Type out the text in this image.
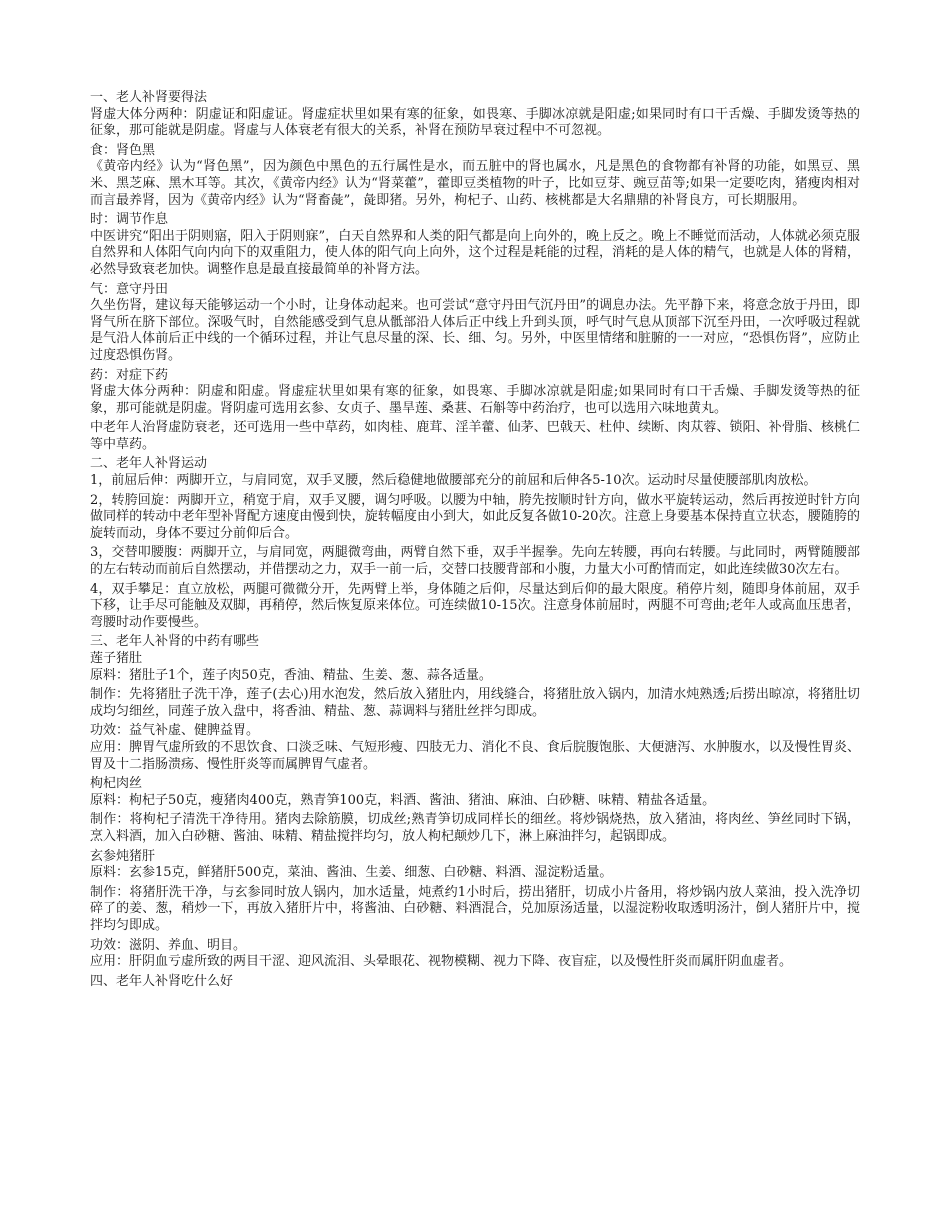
一、老人补肾要得法

肾虚大体分两种：阴虚证和阳虚证。肾虚症状里如果有寒的征象，如畏寒、手脚冰凉就是阳虚;如果同时有口干舌燥、手脚发烫等热的征象，那可能就是阴虚。肾虚与人体衰老有很大的关系，补肾在预防早衰过程中不可忽视。

食：肾色黑

《黄帝内经》认为“肾色黑”，因为颜色中黑色的五行属性是水，而五脏中的肾也属水，凡是黑色的食物都有补肾的功能，如黑豆、黑米、黑芝麻、黑木耳等。其次，《黄帝内经》认为“肾菜藿”，藿即豆类植物的叶子，比如豆芽、豌豆苗等;如果一定要吃肉，猪瘦肉相对而言最养肾，因为《黄帝内经》认为“肾畜彘”，彘即猪。另外，枸杞子、山药、核桃都是大名鼎鼎的补肾良方，可长期服用。

时：调节作息

中医讲究“阳出于阴则寤，阳入于阴则寐”，白天自然界和人类的阳气都是向上向外的，晚上反之。晚上不睡觉而活动，人体就必须克服自然界和人体阳气向内向下的双重阻力，使人体的阳气向上向外，这个过程是耗能的过程，消耗的是人体的精气，也就是人体的肾精，必然导致衰老加快。调整作息是最直接最简单的补肾方法。

气：意守丹田

久坐伤肾，建议每天能够运动一个小时，让身体动起来。也可尝试“意守丹田气沉丹田”的调息办法。先平静下来，将意念放于丹田，即肾气所在脐下部位。深吸气时，自然能感受到气息从骶部沿人体后正中线上升到头顶，呼气时气息从顶部下沉至丹田，一次呼吸过程就是气沿人体前后正中线的一个循环过程，并让气息尽量的深、长、细、匀。另外，中医里情绪和脏腑的一一对应，“恐惧伤肾”，应防止过度恐惧伤肾。

药：对症下药

肾虚大体分两种：阴虚和阳虚。肾虚症状里如果有寒的征象，如畏寒、手脚冰凉就是阳虚;如果同时有口干舌燥、手脚发烫等热的征象，那可能就是阴虚。肾阴虚可选用玄参、女贞子、墨旱莲、桑葚、石斛等中药治疗，也可以选用六味地黄丸。

中老年人治肾虚防衰老，还可选用一些中草药，如肉桂、鹿茸、淫羊藿、仙茅、巴戟天、杜仲、续断、肉苁蓉、锁阳、补骨脂、核桃仁等中草药。

二、老年人补肾运动

1，前屈后伸：两脚开立，与肩同宽，双手叉腰，然后稳健地做腰部充分的前屈和后伸各5-10次。运动时尽量使腰部肌肉放松。

2，转胯回旋：两脚开立，稍宽于肩，双手叉腰，调匀呼吸。以腰为中轴，胯先按顺时针方向，做水平旋转运动，然后再按逆时针方向做同样的转动中老年型补肾配方速度由慢到快，旋转幅度由小到大，如此反复各做10-20次。注意上身要基本保持直立状态，腰随胯的旋转而动，身体不要过分前仰后合。

3，交替叩腰腹：两脚开立，与肩同宽，两腿微弯曲，两臂自然下垂，双手半握拳。先向左转腰，再向右转腰。与此同时，两臂随腰部的左右转动而前后自然摆动，并借摆动之力，双手一前一后，交替口技腰背部和小腹，力量大小可酌情而定，如此连续做30次左右。

4，双手攀足：直立放松，两腿可微微分开，先两臂上举，身体随之后仰，尽量达到后仰的最大限度。稍停片刻，随即身体前屈，双手下移，让手尽可能触及双脚，再稍停，然后恢复原来体位。可连续做10-15次。注意身体前屈时，两腿不可弯曲;老年人或高血压患者，弯腰时动作要慢些。

三、老年人补肾的中药有哪些

莲子猪肚

原料：猪肚子1个，莲子肉50克，香油、精盐、生姜、葱、蒜各适量。

制作：先将猪肚子洗干净，莲子(去心)用水泡发，然后放入猪肚内，用线缝合，将猪肚放入锅内，加清水炖熟透;后捞出晾凉，将猪肚切成均匀细丝，同莲子放入盘中，将香油、精盐、葱、蒜调料与猪肚丝拌匀即成。

功效：益气补虚、健脾益胃。

应用：脾胃气虚所致的不思饮食、口淡乏味、气短形瘦、四肢无力、消化不良、食后脘腹饱胀、大便溏泻、水肿腹水，以及慢性胃炎、胃及十二指肠溃疡、慢性肝炎等而属脾胃气虚者。

枸杞肉丝

原料：枸杞子50克，瘦猪肉400克，熟青笋100克，料酒、酱油、猪油、麻油、白砂糖、味精、精盐各适量。

制作：将枸杞子清洗干净待用。猪肉去除筋膜，切成丝;熟青笋切成同样长的细丝。将炒锅烧热，放入猪油，将肉丝、笋丝同时下锅，烹入料酒，加入白砂糖、酱油、味精、精盐搅拌均匀，放人枸杞颠炒几下，淋上麻油拌匀，起锅即成。

玄参炖猪肝

原料：玄参15克，鲜猪肝500克，菜油、酱油、生姜、细葱、白砂糖、料酒、湿淀粉适量。

制作：将猪肝洗干净，与玄参同时放人锅内，加水适量，炖煮约1小时后，捞出猪肝，切成小片备用，将炒锅内放人菜油，投入洗净切碎了的姜、葱，稍炒一下，再放入猪肝片中，将酱油、白砂糖、料酒混合，兑加原汤适量，以湿淀粉收取透明汤汁，倒人猪肝片中，搅拌均匀即成。

功效：滋阴、养血、明目。

应用：肝阴血亏虚所致的两目干涩、迎风流泪、头晕眼花、视物模糊、视力下降、夜盲症，以及慢性肝炎而属肝阴血虚者。

四、老年人补肾吃什么好
